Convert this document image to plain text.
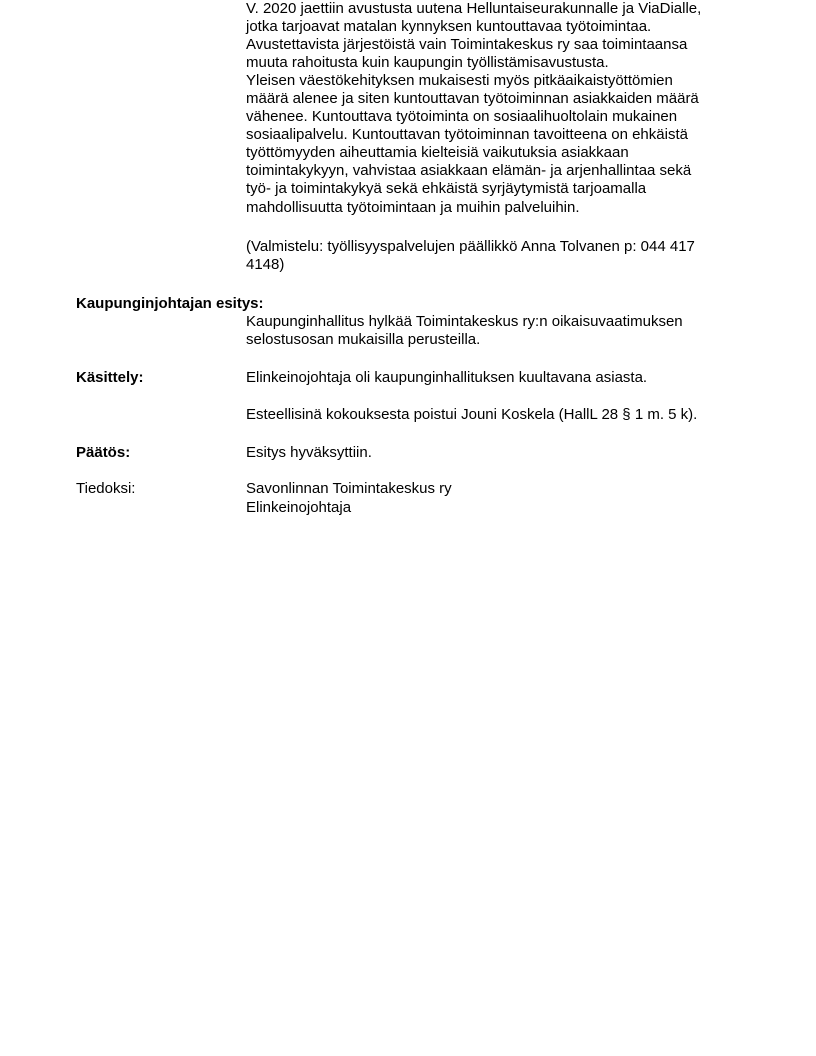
V. 2020 jaettiin avustusta uutena Helluntaiseurakunnalle ja ViaDialle,
jotka tarjoavat matalan kynnyksen kuntouttavaa työtoimintaa.
Avustettavista järjestöistä vain Toimintakeskus ry saa toimintaansa
muuta rahoitusta kuin kaupungin työllistämisavustusta.
Yleisen väestökehityksen mukaisesti myös pitkäaikaistyöttömien
määrä alenee ja siten kuntouttavan työtoiminnan asiakkaiden määrä
vähenee. Kuntouttava työtoiminta on sosiaalihuoltolain mukainen
sosiaalipalvelu. Kuntouttavan työtoiminnan tavoitteena on ehkäistä
työttömyyden aiheuttamia kielteisiä vaikutuksia asiakkaan
toimintakykyyn, vahvistaa asiakkaan elämän- ja arjenhallintaa sekä
työ- ja toimintakykyä sekä ehkäistä syrjäytymistä tarjoamalla
mahdollisuutta työtoimintaan ja muihin palveluihin.
(Valmistelu: työllisyyspalvelujen päällikkö Anna Tolvanen p: 044 417
4148)
Kaupunginjohtajan esitys:
Kaupunginhallitus hylkää Toimintakeskus ry:n oikaisuvaatimuksen
selostusosan mukaisilla perusteilla.
Käsittely:	Elinkeinojohtaja oli kaupunginhallituksen kuultavana asiasta.
Esteellisinä kokouksesta poistui Jouni Koskela (HallL 28 § 1 m. 5 k).
Päätös:	Esitys hyväksyttiin.
Tiedoksi:	Savonlinnan Toimintakeskus ry
Elinkeinojohtaja
